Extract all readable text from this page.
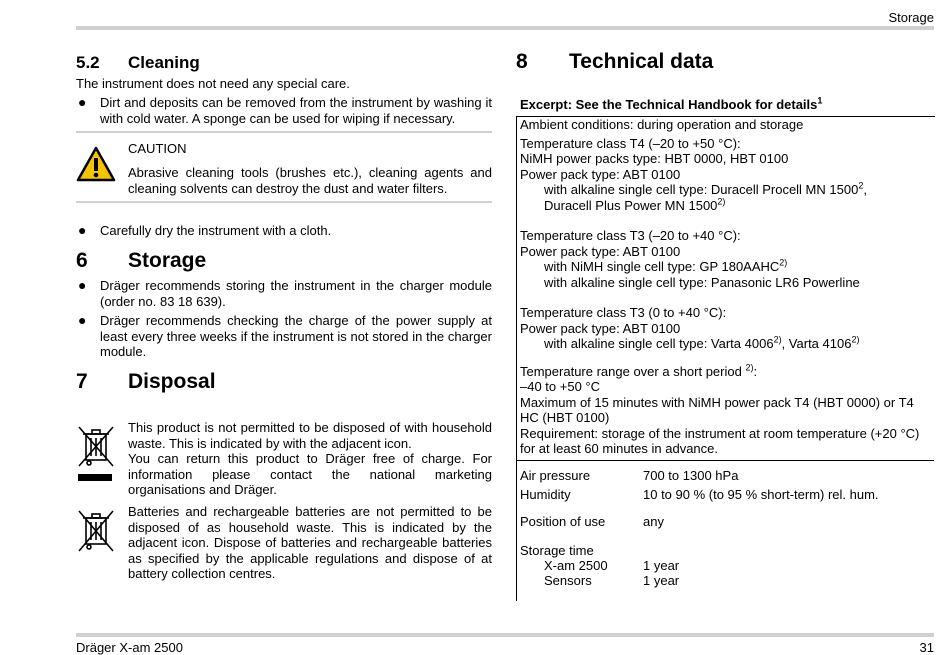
Storage
5.2 Cleaning
The instrument does not need any special care.
● Dirt and deposits can be removed from the instrument by washing it with cold water. A sponge can be used for wiping if necessary.
CAUTION
Abrasive cleaning tools (brushes etc.), cleaning agents and cleaning solvents can destroy the dust and water filters.
● Carefully dry the instrument with a cloth.
6 Storage
● Dräger recommends storing the instrument in the charger module (order no. 83 18 639).
● Dräger recommends checking the charge of the power supply at least every three weeks if the instrument is not stored in the charger module.
7 Disposal
This product is not permitted to be disposed of with household waste. This is indicated by with the adjacent icon.
You can return this product to Dräger free of charge. For information please contact the national marketing organisations and Dräger.
Batteries and rechargeable batteries are not permitted to be disposed of as household waste. This is indicated by the adjacent icon. Dispose of batteries and rechargeable batteries as specified by the applicable regulations and dispose of at battery collection centres.
8 Technical data
Excerpt: See the Technical Handbook for details$^1$
Ambient conditions: during operation and storage
Temperature class T4 (–20 to +50 °C):
NiMH power packs type: HBT 0000, HBT 0100
Power pack type: ABT 0100
with alkaline single cell type: Duracell Procell MN 1500$^2$,
Duracell Plus Power MN 1500$^{2)}$
Temperature class T3 (–20 to +40 °C):
Power pack type: ABT 0100
with NiMH single cell type: GP 180AAHC$^{2)}$
with alkaline single cell type: Panasonic LR6 Powerline
Temperature class T3 (0 to +40 °C):
Power pack type: ABT 0100
with alkaline single cell type: Varta 4006$^{2)}$, Varta 4106$^{2)}$
Temperature range over a short period $^{2)}$:
–40 to +50 °C
Maximum of 15 minutes with NiMH power pack T4 (HBT 0000) or T4 HC (HBT 0100)
Requirement: storage of the instrument at room temperature (+20 °C) for at least 60 minutes in advance.
Air pressure	700 to 1300 hPa
Humidity	10 to 90 % (to 95 % short-term) rel. hum.
Position of use	any
Storage time
X-am 2500	1 year
Sensors	1 year
Dräger X-am 2500	31
